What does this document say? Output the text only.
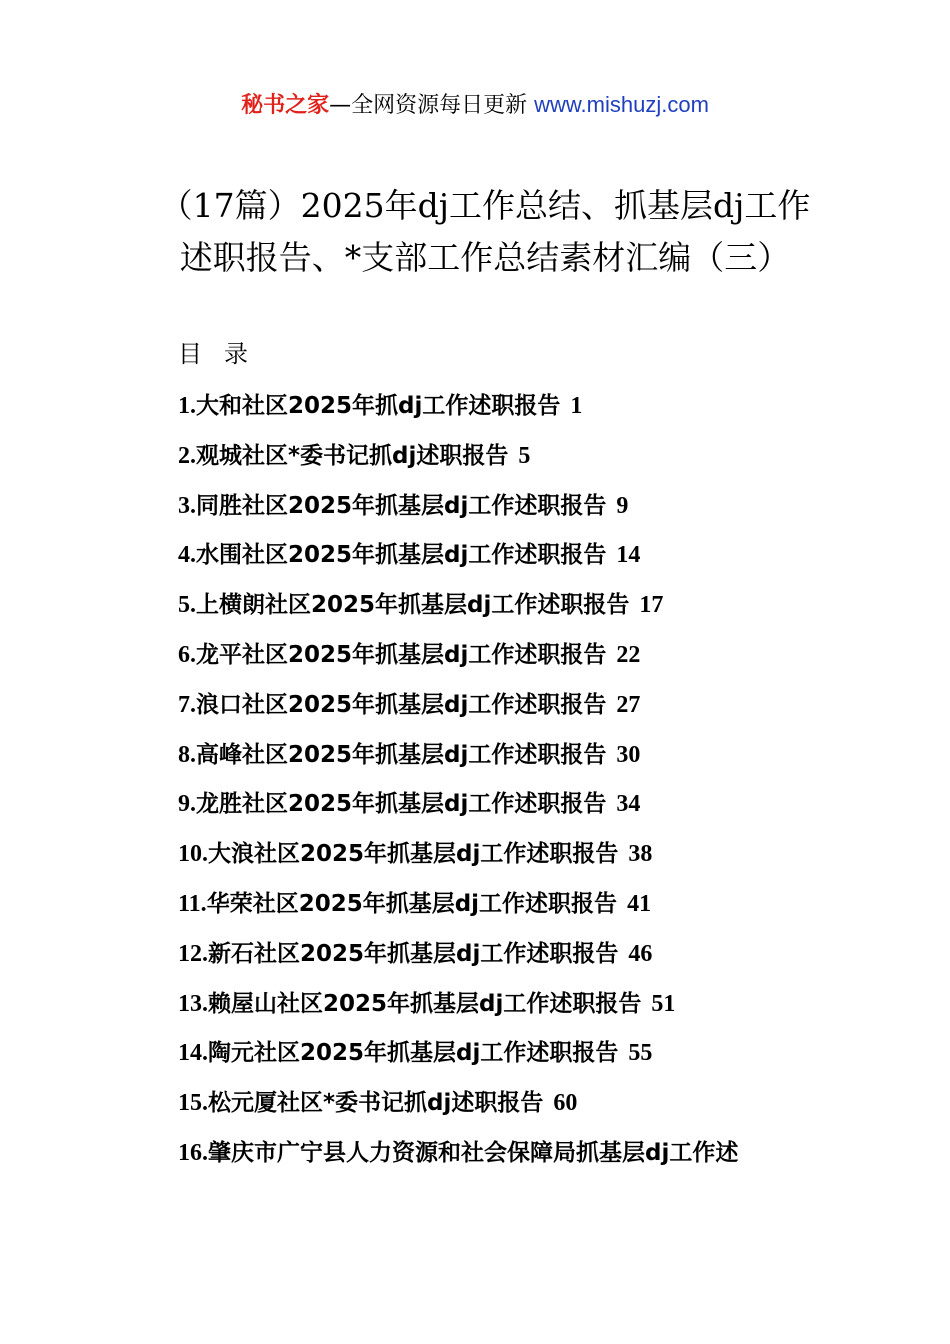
秘书之家—全网资源每日更新 www.mishuzj.com
（17篇）2025年dj工作总结、抓基层dj工作
述职报告、*支部工作总结素材汇编（三）
目录
1.大和社区2025年抓dj工作述职报告 1
2.观城社区*委书记抓dj述职报告 5
3.同胜社区2025年抓基层dj工作述职报告 9
4.水围社区2025年抓基层dj工作述职报告 14
5.上横朗社区2025年抓基层dj工作述职报告 17
6.龙平社区2025年抓基层dj工作述职报告 22
7.浪口社区2025年抓基层dj工作述职报告 27
8.高峰社区2025年抓基层dj工作述职报告 30
9.龙胜社区2025年抓基层dj工作述职报告 34
10.大浪社区2025年抓基层dj工作述职报告 38
11.华荣社区2025年抓基层dj工作述职报告 41
12.新石社区2025年抓基层dj工作述职报告 46
13.赖屋山社区2025年抓基层dj工作述职报告 51
14.陶元社区2025年抓基层dj工作述职报告 55
15.松元厦社区*委书记抓dj述职报告 60
16.肇庆市广宁县人力资源和社会保障局抓基层dj工作述
